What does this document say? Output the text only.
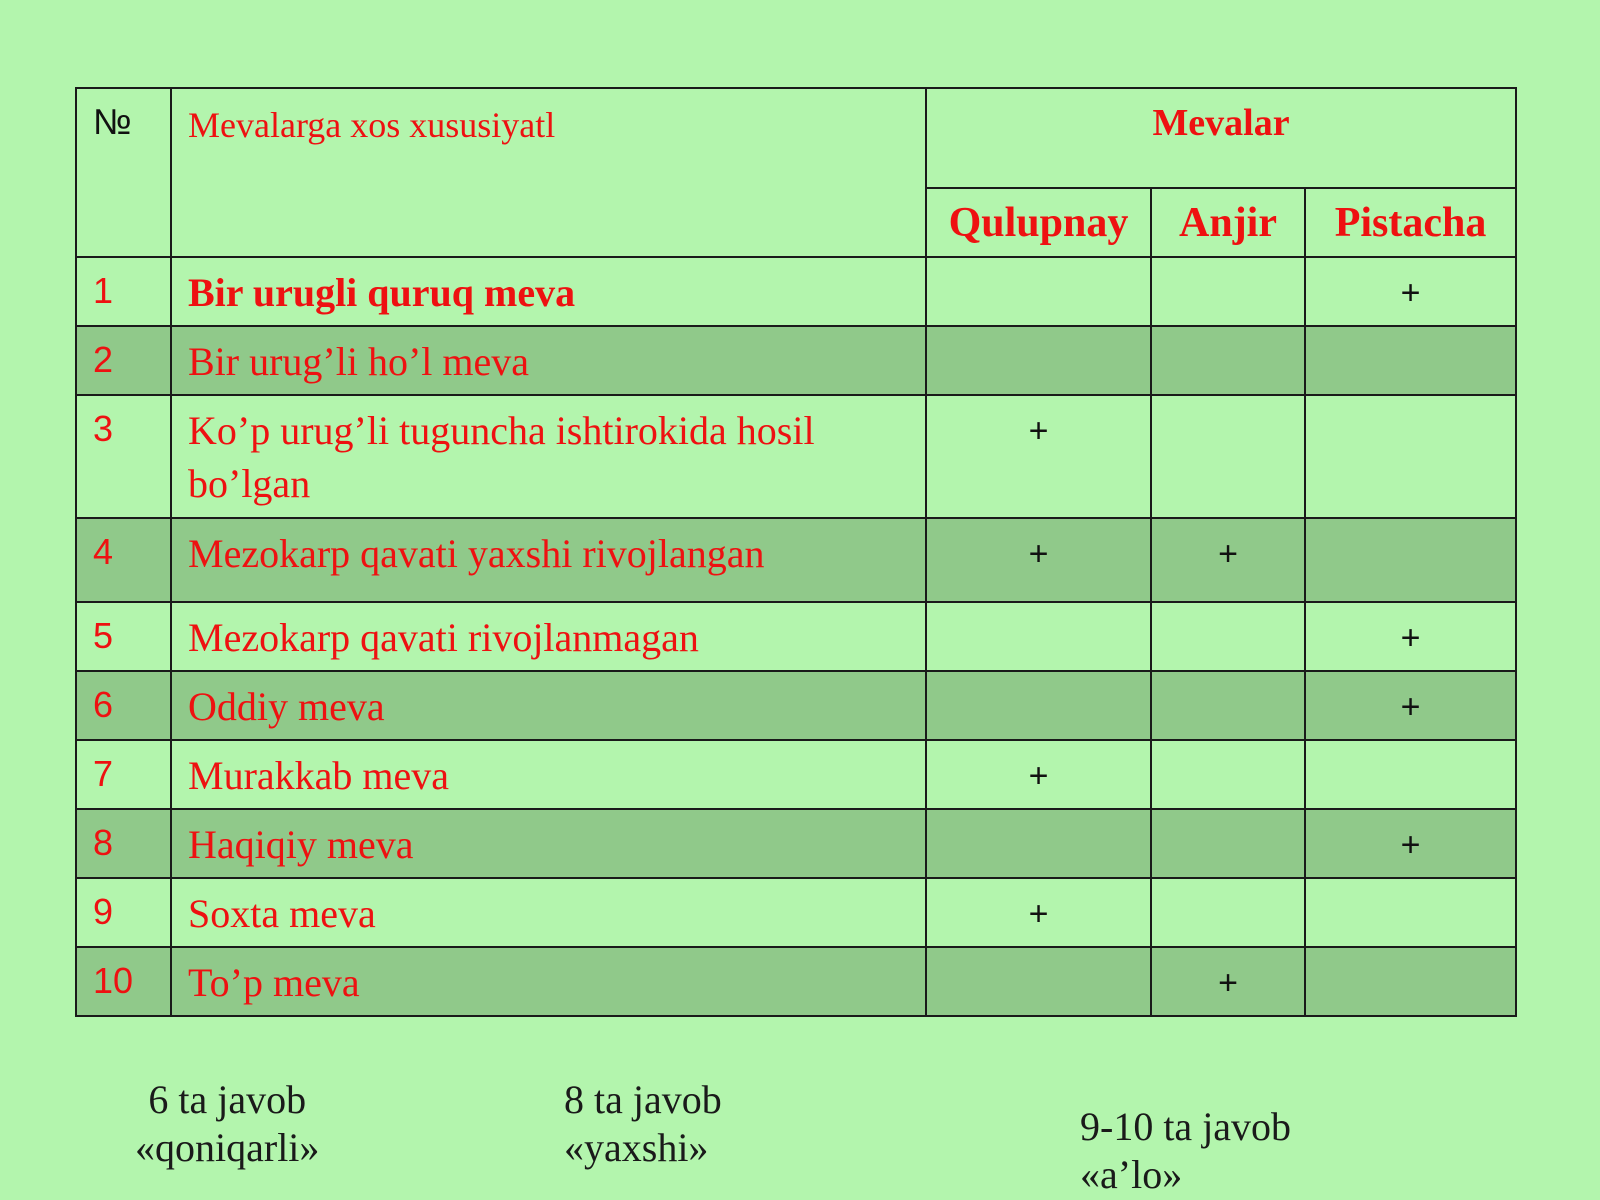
№	Mevalarga xos xususiyatl	Mevalar		
		Qulupnay	Anjir	Pistacha
1	Bir urugli quruq meva			+
2	Bir urug’li ho’l meva			
3	Ko’p urug’li tuguncha ishtirokida hosil bo’lgan	+		
4	Mezokarp qavati yaxshi rivojlangan	+	+	
5	Mezokarp qavati rivojlanmagan			+
6	Oddiy meva			+
7	Murakkab meva	+		
8	Haqiqiy meva			+
9	Soxta meva	+		
10	To’p meva		+	
6 ta javob
«qoniqarli»
8 ta javob
«yaxshi»	9-10 ta javob
«a’lo»
